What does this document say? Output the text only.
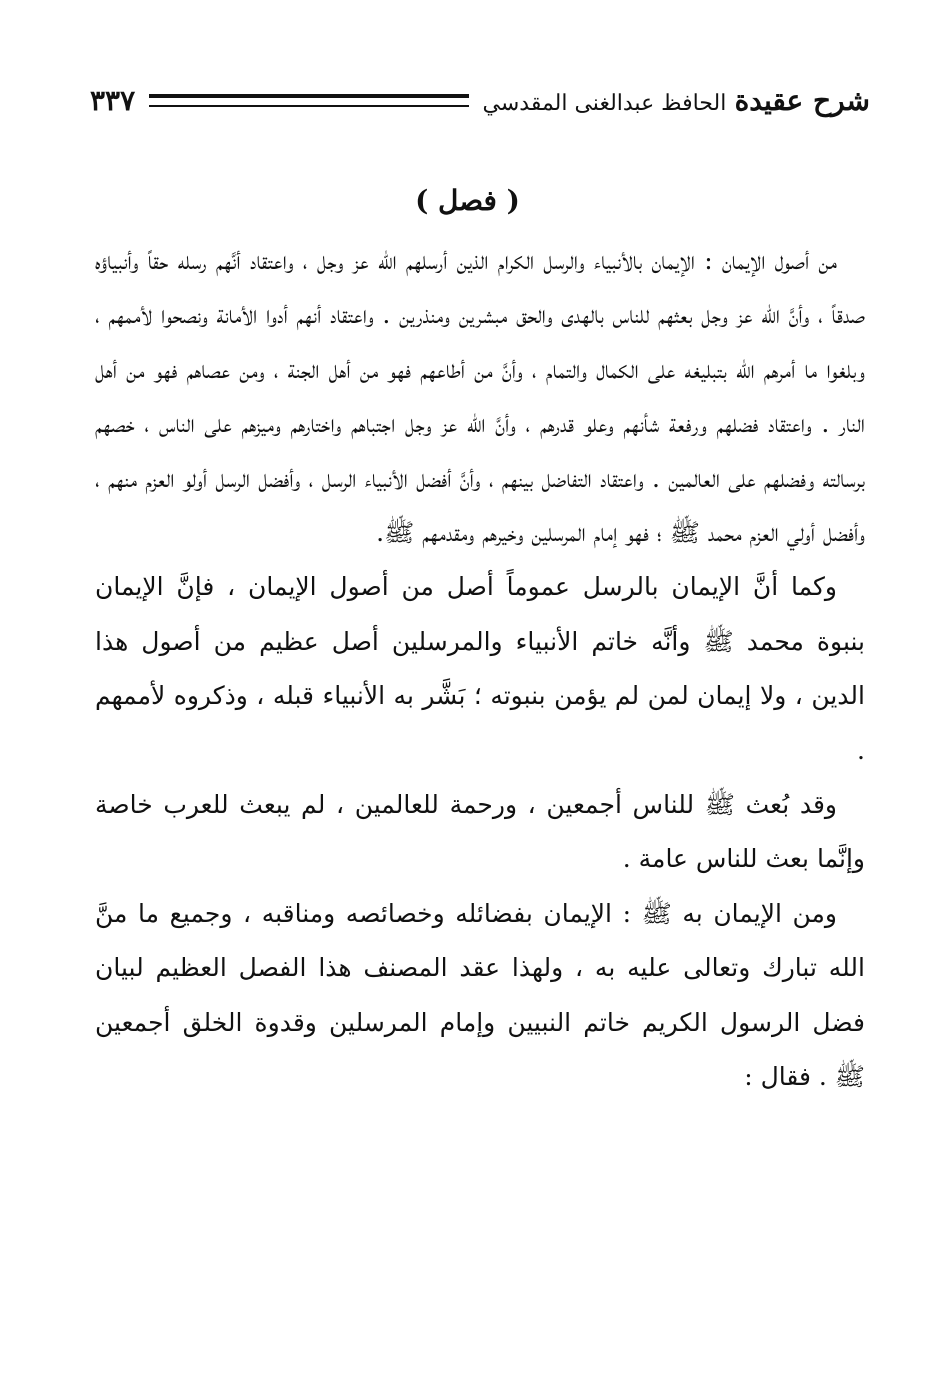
شرح عقيدة الحافظ عبدالغنى المقدسي
٣٣٧
( فصل )

من أصول الإيمان : الإيمان بالأنبياء والرسل الكرام الذين أرسلهم الله عز وجل ، واعتقاد أنَّهم رسله حقاً وأنبياؤه صدقاً ، وأنَّ الله عز وجل بعثهم للناس بالهدى والحق مبشرين ومنذرين . واعتقاد أنهم أدوا الأمانة ونصحوا لأممهم ، وبلغوا ما أمرهم الله بتبليغه على الكمال والتمام ، وأنَّ من أطاعهم فهو من أهل الجنة ، ومن عصاهم فهو من أهل النار . واعتقاد فضلهم ورفعة شأنهم وعلو قدرهم ، وأنَّ الله عز وجل اجتباهم واختارهم وميزهم على الناس ، خصهم برسالته وفضلهم على العالمين . واعتقاد التفاضل بينهم ، وأنَّ أفضل الأنبياء الرسل ، وأفضل الرسل أولو العزم منهم ، وأفضل أولي العزم محمد ﷺ ؛ فهو إمام المرسلين وخيرهم ومقدمهم ﷺ.

وكما أنَّ الإيمان بالرسل عموماً أصل من أصول الإيمان ، فإنَّ الإيمان بنبوة محمد ﷺ وأنَّه خاتم الأنبياء والمرسلين أصل عظيم من أصول هذا الدين ، ولا إيمان لمن لم يؤمن بنبوته ؛ بَشَّر به الأنبياء قبله ، وذكروه لأممهم .

وقد بُعث ﷺ للناس أجمعين ، ورحمة للعالمين ، لم يبعث للعرب خاصة وإنَّما بعث للناس عامة .

ومن الإيمان به ﷺ : الإيمان بفضائله وخصائصه ومناقبه ، وجميع ما منَّ الله تبارك وتعالى عليه به ، ولهذا عقد المصنف هذا الفصل العظيم لبيان فضل الرسول الكريم خاتم النبيين وإمام المرسلين وقدوة الخلق أجمعين ﷺ . فقال :
